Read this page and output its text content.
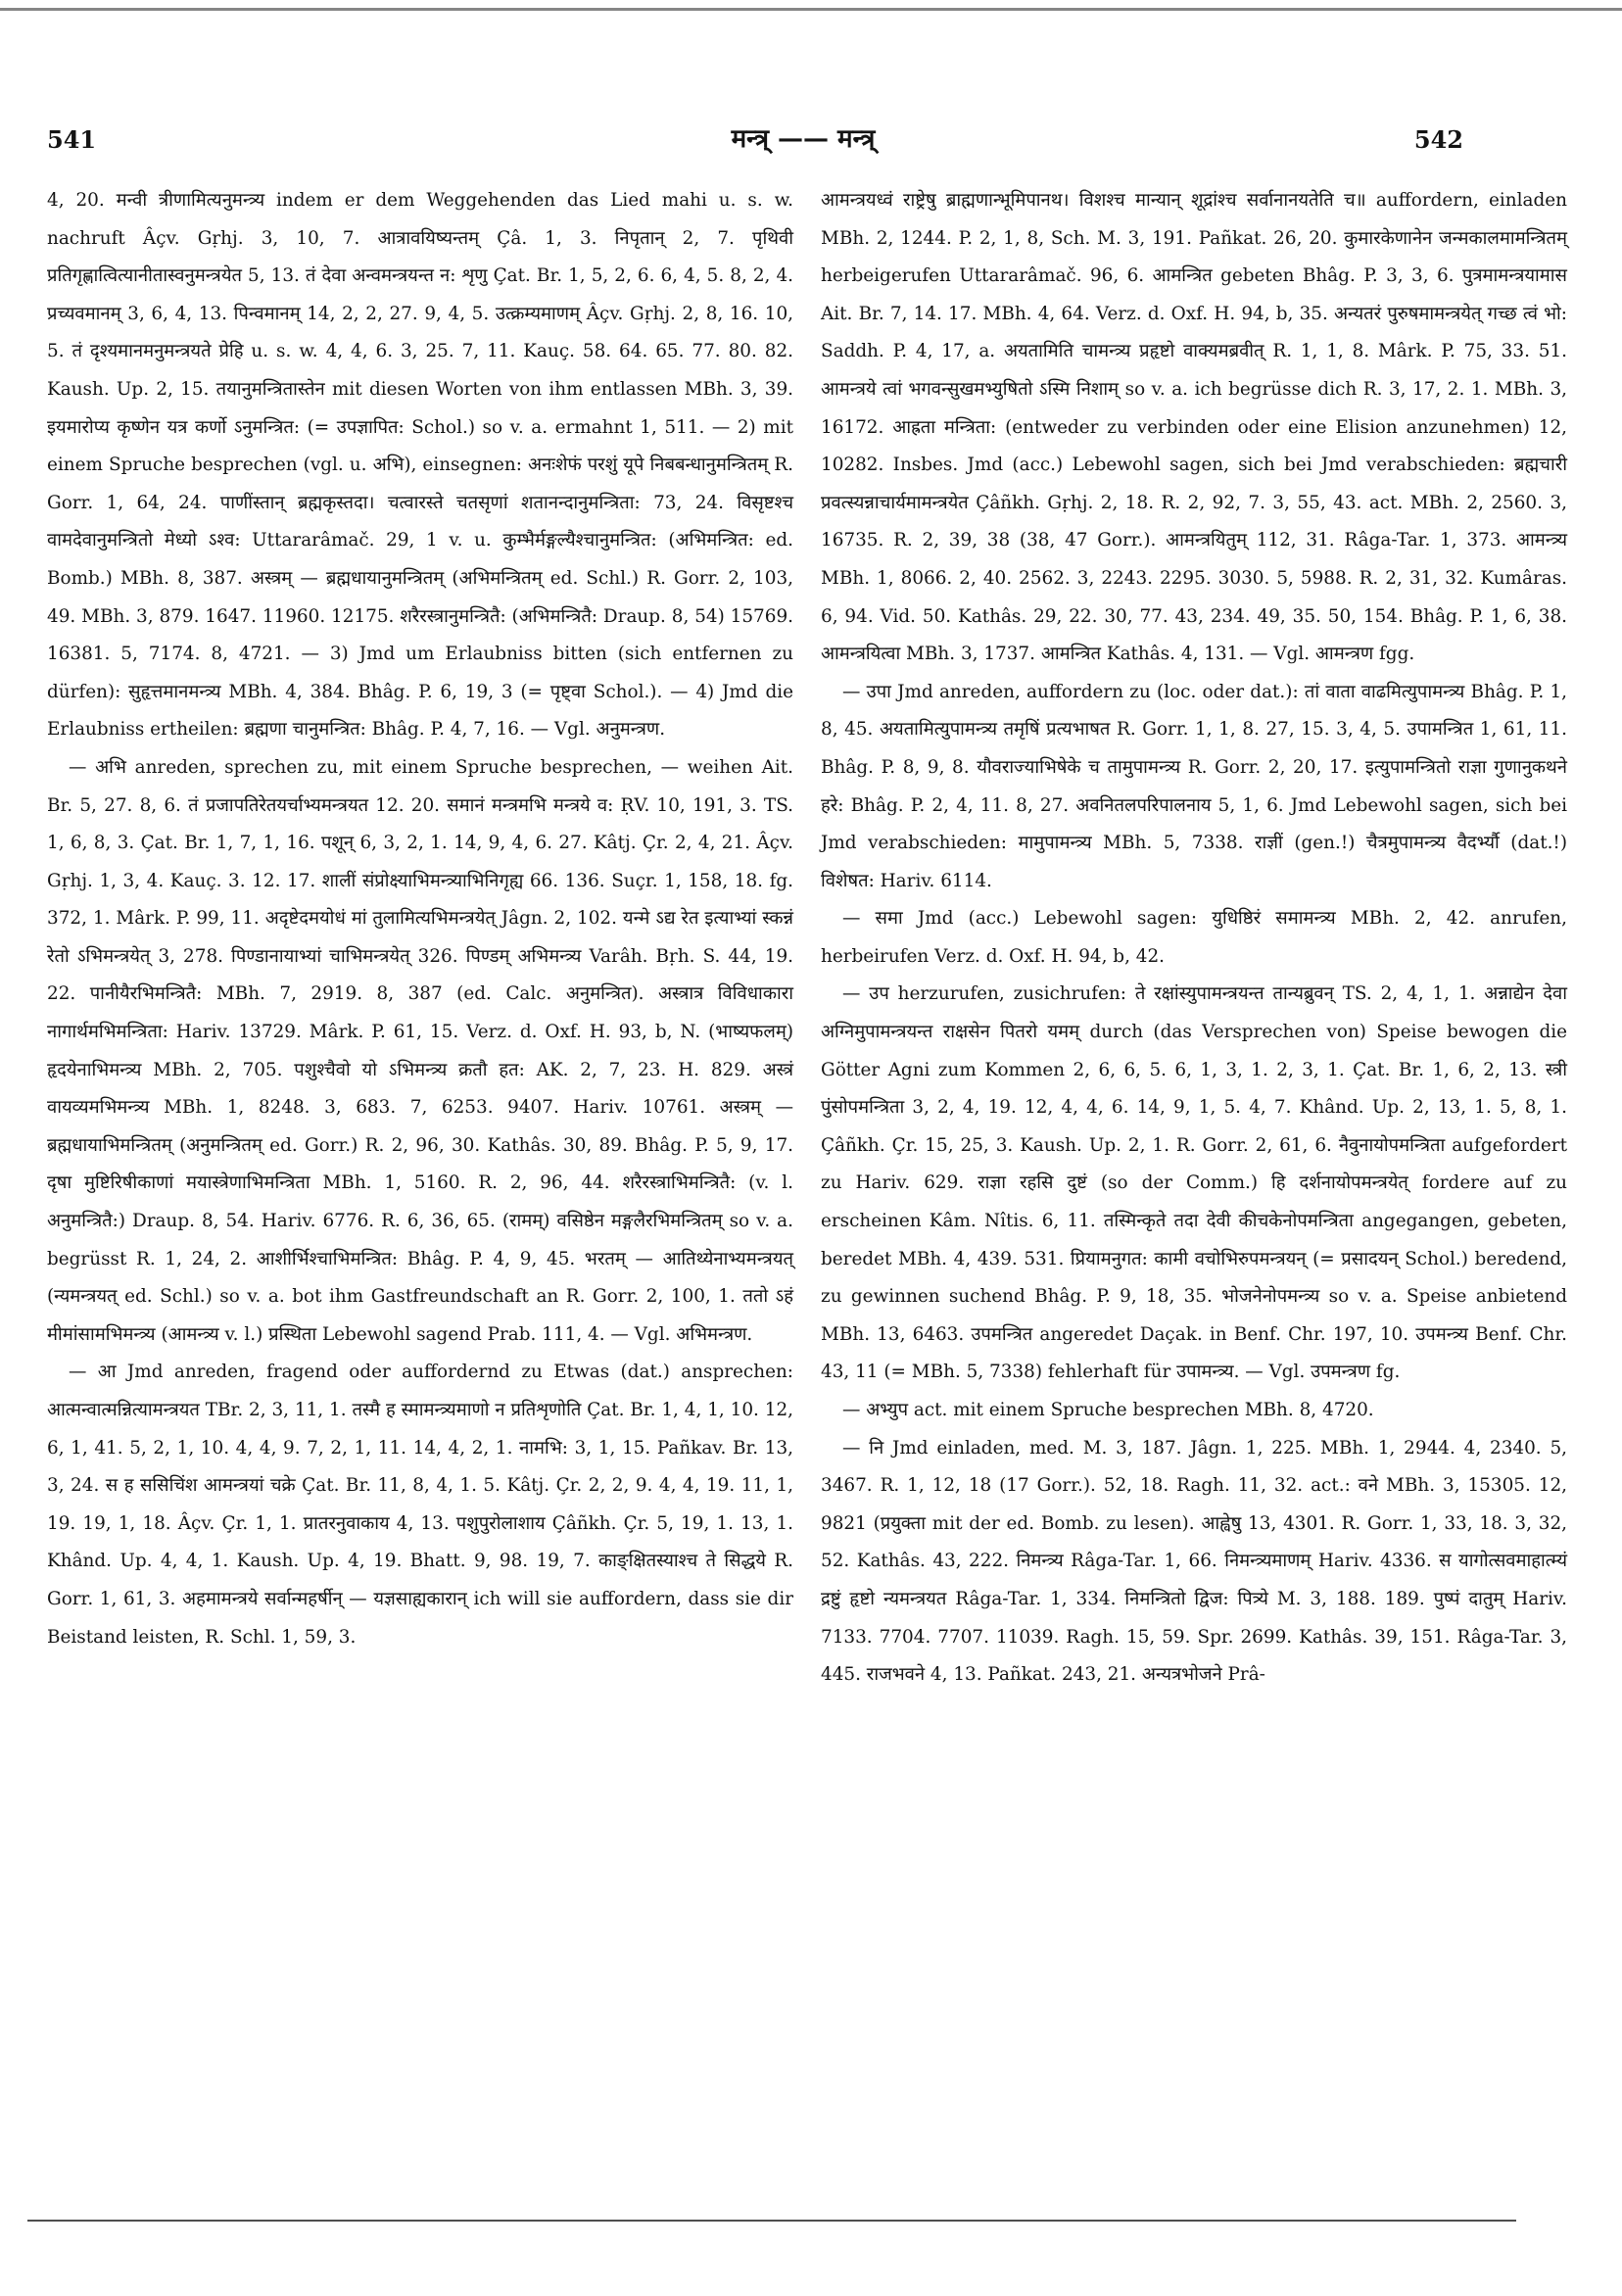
541	मन्त्र् —— मन्त्र्	542

4, 20. मन्वी त्रीणामित्यनुमन्त्र्य indem er dem Weggehenden das Lied mahi u. s. w. nachruft Âçv. Gṛhj. 3, 10, 7. आत्रावयिष्यन्तम् Çâ. 1, 3. निपृतान् 2, 7. पृथिवी प्रतिगृह्णात्वित्यानीतास्वनुमन्त्रयेत 5, 13. तं देवा अन्वमन्त्रयन्त न: शृणु Çat. Br. 1, 5, 2, 6. 6, 4, 5. 8, 2, 4. प्रच्यवमानम् 3, 6, 4, 13. पिन्वमानम् 14, 2, 2, 27. 9, 4, 5. उत्क्रम्यमाणम् Âçv. Gṛhj. 2, 8, 16. 10, 5. तं दृश्यमानमनुमन्त्रयते प्रेहि u. s. w. 4, 4, 6. 3, 25. 7, 11. Kauç. 58. 64. 65. 77. 80. 82. Kaush. Up. 2, 15. तयानुमन्त्रितास्तेन mit diesen Worten von ihm entlassen MBh. 3, 39. इयमारोप्य कृष्णेन यत्र कर्णो ऽनुमन्त्रित: (= उपज्ञापित: Schol.) so v. a. ermahnt 1, 511. — 2) mit einem Spruche besprechen (vgl. u. अभि), einsegnen: अनःशेफं परशुं यूपे निबबन्धानुमन्त्रितम् R. Gorr. 1, 64, 24. पाणींस्तान् ब्रह्मकृस्तदा। चत्वारस्ते चतसृणां शतानन्दानुमन्त्रिता: 73, 24. विसृष्टश्च वामदेवानुमन्त्रितो मेध्यो ऽश्व: Uttararâmač. 29, 1 v. u. कुम्भैर्मङ्गल्यैश्चानुमन्त्रित: (अभिमन्त्रित: ed. Bomb.) MBh. 8, 387. अस्त्रम् — ब्रह्मधायानुमन्त्रितम् (अभिमन्त्रितम् ed. Schl.) R. Gorr. 2, 103, 49. MBh. 3, 879. 1647. 11960. 12175. शरैरस्त्रानुमन्त्रितै: (अभिमन्त्रितै: Draup. 8, 54) 15769. 16381. 5, 7174. 8, 4721. — 3) Jmd um Erlaubniss bitten (sich entfernen zu dürfen): सुहृत्तमानमन्त्र्य MBh. 4, 384. Bhâg. P. 6, 19, 3 (= पृष्ट्वा Schol.). — 4) Jmd die Erlaubniss ertheilen: ब्रह्मणा चानुमन्त्रित: Bhâg. P. 4, 7, 16. — Vgl. अनुमन्त्रण.

— अभि anreden, sprechen zu, mit einem Spruche besprechen, — weihen Ait. Br. 5, 27. 8, 6. तं प्रजापतिरेतयर्चाभ्यमन्त्रयत 12. 20. समानं मन्त्रमभि मन्त्रये व: ṚV. 10, 191, 3. TS. 1, 6, 8, 3. Çat. Br. 1, 7, 1, 16. पशून् 6, 3, 2, 1. 14, 9, 4, 6. 27. Kâtj. Çr. 2, 4, 21. Âçv. Gṛhj. 1, 3, 4. Kauç. 3. 12. 17. शालीं संप्रोक्ष्याभिमन्त्र्याभिनिगृह्य 66. 136. Suçr. 1, 158, 18. fg. 372, 1. Mârk. P. 99, 11. अदृष्टेदमयोधं मां तुलामित्यभिमन्त्रयेत् Jâgn. 2, 102. यन्मे ऽद्य रेत इत्याभ्यां स्कन्नं रेतो ऽभिमन्त्रयेत् 3, 278. पिण्डानायाभ्यां चाभिमन्त्रयेत् 326. पिण्डम् अभिमन्त्र्य Varâh. Bṛh. S. 44, 19. 22. पानीयैरभिमन्त्रितै: MBh. 7, 2919. 8, 387 (ed. Calc. अनुमन्त्रित). अस्त्रात्र विविधाकारा नागार्थमभिमन्त्रिता: Hariv. 13729. Mârk. P. 61, 15. Verz. d. Oxf. H. 93, b, N. (भाष्यफलम्) हृदयेनाभिमन्त्र्य MBh. 2, 705. पशुश्चैवो यो ऽभिमन्त्र्य क्रतौ हत: AK. 2, 7, 23. H. 829. अस्त्रं वायव्यमभिमन्त्र्य MBh. 1, 8248. 3, 683. 7, 6253. 9407. Hariv. 10761. अस्त्रम् — ब्रह्मधायाभिमन्त्रितम् (अनुमन्त्रितम् ed. Gorr.) R. 2, 96, 30. Kathâs. 30, 89. Bhâg. P. 5, 9, 17. दृषा मुष्टिरिषीकाणां मयास्त्रेणाभिमन्त्रिता MBh. 1, 5160. R. 2, 96, 44. शरैरस्त्राभिमन्त्रितै: (v. l. अनुमन्त्रितै:) Draup. 8, 54. Hariv. 6776. R. 6, 36, 65. (रामम्) वसिष्ठेन मङ्गलैरभिमन्त्रितम् so v. a. begrüsst R. 1, 24, 2. आशीर्भिश्चाभिमन्त्रित: Bhâg. P. 4, 9, 45. भरतम् — आतिथ्येनाभ्यमन्त्रयत् (न्यमन्त्रयत् ed. Schl.) so v. a. bot ihm Gastfreundschaft an R. Gorr. 2, 100, 1. ततो ऽहं मीमांसामभिमन्त्र्य (आमन्त्र्य v. l.) प्रस्थिता Lebewohl sagend Prab. 111, 4. — Vgl. अभिमन्त्रण.

— आ Jmd anreden, fragend oder auffordernd zu Etwas (dat.) ansprechen: आत्मन्वात्मन्नित्यामन्त्रयत TBr. 2, 3, 11, 1. तस्मै ह स्मामन्त्र्यमाणो न प्रतिशृणोति Çat. Br. 1, 4, 1, 10. 12, 6, 1, 41. 5, 2, 1, 10. 4, 4, 9. 7, 2, 1, 11. 14, 4, 2, 1. नामभि: 3, 1, 15. Pañkav. Br. 13, 3, 24. स ह ससिचिंश आमन्त्रयां चक्रे Çat. Br. 11, 8, 4, 1. 5. Kâtj. Çr. 2, 2, 9. 4, 4, 19. 11, 1, 19. 19, 1, 18. Âçv. Çr. 1, 1. प्रातरनुवाकाय 4, 13. पशुपुरोलाशाय Çâñkh. Çr. 5, 19, 1. 13, 1. Khând. Up. 4, 4, 1. Kaush. Up. 4, 19. Bhatt. 9, 98. 19, 7. काङ्क्षितस्याश्च ते सिद्धये R. Gorr. 1, 61, 3. अहमामन्त्रये सर्वान्महर्षीन् — यज्ञसाह्यकारान् ich will sie auffordern, dass sie dir Beistand leisten, R. Schl. 1, 59, 3.

आमन्त्रयध्वं राष्ट्रेषु ब्राह्मणान्भूमिपानथ। विशश्च मान्यान् शूद्रांश्च सर्वानानयतेति च॥ auffordern, einladen MBh. 2, 1244. P. 2, 1, 8, Sch. M. 3, 191. Pañkat. 26, 20. कुमारकेणानेन जन्मकालमामन्त्रितम् herbeigerufen Uttararâmač. 96, 6. आमन्त्रित gebeten Bhâg. P. 3, 3, 6. पुत्रमामन्त्रयामास Ait. Br. 7, 14. 17. MBh. 4, 64. Verz. d. Oxf. H. 94, b, 35. अन्यतरं पुरुषमामन्त्रयेत् गच्छ त्वं भो: Saddh. P. 4, 17, a. अयतामिति चामन्त्र्य प्रहृष्टो वाक्यमब्रवीत् R. 1, 1, 8. Mârk. P. 75, 33. 51. आमन्त्रये त्वां भगवन्सुखमभ्युषितो ऽस्मि निशाम् so v. a. ich begrüsse dich R. 3, 17, 2. 1. MBh. 3, 16172. आह्रता मन्त्रिता: (entweder zu verbinden oder eine Elision anzunehmen) 12, 10282. Insbes. Jmd (acc.) Lebewohl sagen, sich bei Jmd verabschieden: ब्रह्मचारी प्रवत्स्यन्नाचार्यमामन्त्रयेत Çâñkh. Gṛhj. 2, 18. R. 2, 92, 7. 3, 55, 43. act. MBh. 2, 2560. 3, 16735. R. 2, 39, 38 (38, 47 Gorr.). आमन्त्रयितुम् 112, 31. Râga-Tar. 1, 373. आमन्त्र्य MBh. 1, 8066. 2, 40. 2562. 3, 2243. 2295. 3030. 5, 5988. R. 2, 31, 32. Kumâras. 6, 94. Vid. 50. Kathâs. 29, 22. 30, 77. 43, 234. 49, 35. 50, 154. Bhâg. P. 1, 6, 38. आमन्त्रयित्वा MBh. 3, 1737. आमन्त्रित Kathâs. 4, 131. — Vgl. आमन्त्रण fgg.

— उपा Jmd anreden, auffordern zu (loc. oder dat.): तां वाता वाढमित्युपामन्त्र्य Bhâg. P. 1, 8, 45. अयतामित्युपामन्त्र्य तमृषिं प्रत्यभाषत R. Gorr. 1, 1, 8. 27, 15. 3, 4, 5. उपामन्त्रित 1, 61, 11. Bhâg. P. 8, 9, 8. यौवराज्याभिषेके च तामुपामन्त्र्य R. Gorr. 2, 20, 17. इत्युपामन्त्रितो राज्ञा गुणानुकथने हरे: Bhâg. P. 2, 4, 11. 8, 27. अवनितलपरिपालनाय 5, 1, 6. Jmd Lebewohl sagen, sich bei Jmd verabschieden: मामुपामन्त्र्य MBh. 5, 7338. राज्ञीं (gen.!) चैत्रमुपामन्त्र्य वैदर्भ्यौ (dat.!) विशेषत: Hariv. 6114.

— समा Jmd (acc.) Lebewohl sagen: युधिष्ठिरं समामन्त्र्य MBh. 2, 42. anrufen, herbeirufen Verz. d. Oxf. H. 94, b, 42.

— उप herzurufen, zusichrufen: ते रक्षांस्युपामन्त्रयन्त तान्यब्रुवन् TS. 2, 4, 1, 1. अन्नाद्येन देवा अग्निमुपामन्त्रयन्त राक्षसेन पितरो यमम् durch (das Versprechen von) Speise bewogen die Götter Agni zum Kommen 2, 6, 6, 5. 6, 1, 3, 1. 2, 3, 1. Çat. Br. 1, 6, 2, 13. स्त्री पुंसोपमन्त्रिता 3, 2, 4, 19. 12, 4, 4, 6. 14, 9, 1, 5. 4, 7. Khând. Up. 2, 13, 1. 5, 8, 1. Çâñkh. Çr. 15, 25, 3. Kaush. Up. 2, 1. R. Gorr. 2, 61, 6. नैवुनायोपमन्त्रिता aufgefordert zu Hariv. 629. राज्ञा रहसि दुष्टं (so der Comm.) हि दर्शनायोपमन्त्रयेत् fordere auf zu erscheinen Kâm. Nîtis. 6, 11. तस्मिन्कृते तदा देवी कीचकेनोपमन्त्रिता angegangen, gebeten, beredet MBh. 4, 439. 531. प्रियामनुगत: कामी वचोभिरुपमन्त्रयन् (= प्रसादयन् Schol.) beredend, zu gewinnen suchend Bhâg. P. 9, 18, 35. भोजनेनोपमन्त्र्य so v. a. Speise anbietend MBh. 13, 6463. उपमन्त्रित angeredet Daçak. in Benf. Chr. 197, 10. उपमन्त्र्य Benf. Chr. 43, 11 (= MBh. 5, 7338) fehlerhaft für उपामन्त्र्य. — Vgl. उपमन्त्रण fg.

— अभ्युप act. mit einem Spruche besprechen MBh. 8, 4720.

— नि Jmd einladen, med. M. 3, 187. Jâgn. 1, 225. MBh. 1, 2944. 4, 2340. 5, 3467. R. 1, 12, 18 (17 Gorr.). 52, 18. Ragh. 11, 32. act.: वने MBh. 3, 15305. 12, 9821 (प्रयुक्ता mit der ed. Bomb. zu lesen). आह्वेषु 13, 4301. R. Gorr. 1, 33, 18. 3, 32, 52. Kathâs. 43, 222. निमन्त्र्य Râga-Tar. 1, 66. निमन्त्र्यमाणम् Hariv. 4336. स यागोत्सवमाहात्म्यं द्रष्टुं हृष्टो न्यमन्त्रयत Râga-Tar. 1, 334. निमन्त्रितो द्विज: पित्र्ये M. 3, 188. 189. पुष्पं दातुम् Hariv. 7133. 7704. 7707. 11039. Ragh. 15, 59. Spr. 2699. Kathâs. 39, 151. Râga-Tar. 3, 445. राजभवने 4, 13. Pañkat. 243, 21. अन्यत्रभोजने Prâ-
